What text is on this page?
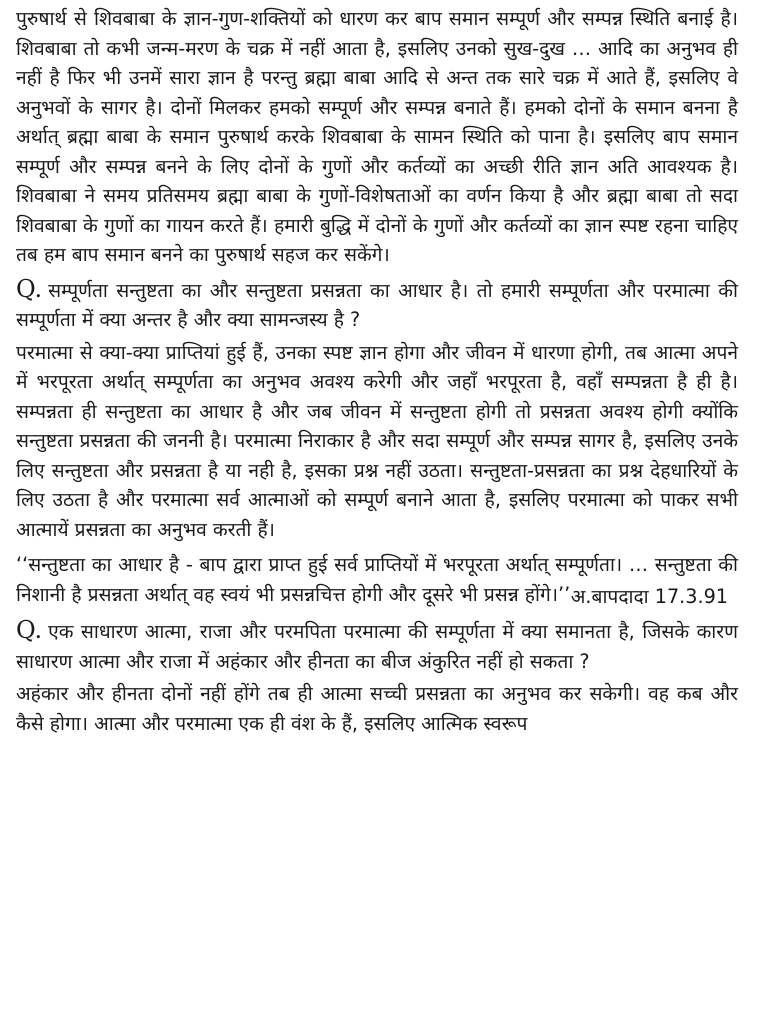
पुरुषार्थ से शिवबाबा के ज्ञान-गुण-शक्तियों को धारण कर बाप समान सम्पूर्ण और सम्पन्न स्थिति बनाई है। शिवबाबा तो कभी जन्म-मरण के चक्र में नहीं आता है, इसलिए उनको सुख-दुख … आदि का अनुभव ही नहीं है फिर भी उनमें सारा ज्ञान है परन्तु ब्रह्मा बाबा आदि से अन्त तक सारे चक्र में आते हैं, इसलिए वे अनुभवों के सागर है। दोनों मिलकर हमको सम्पूर्ण और सम्पन्न बनाते हैं। हमको दोनों के समान बनना है अर्थात् ब्रह्मा बाबा के समान पुरुषार्थ करके शिवबाबा के सामन स्थिति को पाना है। इसलिए बाप समान सम्पूर्ण और सम्पन्न बनने के लिए दोनों के गुणों और कर्तव्यों का अच्छी रीति ज्ञान अति आवश्यक है। शिवबाबा ने समय प्रतिसमय ब्रह्मा बाबा के गुणों-विशेषताओं का वर्णन किया है और ब्रह्मा बाबा तो सदा शिवबाबा के गुणों का गायन करते हैं। हमारी बुद्धि में दोनों के गुणों और कर्तव्यों का ज्ञान स्पष्ट रहना चाहिए तब हम बाप समान बनने का पुरुषार्थ सहज कर सकेंगे।

Q. सम्पूर्णता सन्तुष्टता का और सन्तुष्टता प्रसन्नता का आधार है। तो हमारी सम्पूर्णता और परमात्मा की सम्पूर्णता में क्या अन्तर है और क्या सामन्जस्य है ?

परमात्मा से क्या-क्या प्राप्तियां हुई हैं, उनका स्पष्ट ज्ञान होगा और जीवन में धारणा होगी, तब आत्मा अपने में भरपूरता अर्थात् सम्पूर्णता का अनुभव अवश्य करेगी और जहाँ भरपूरता है, वहाँ सम्पन्नता है ही है। सम्पन्नता ही सन्तुष्टता का आधार है और जब जीवन में सन्तुष्टता होगी तो प्रसन्नता अवश्य होगी क्योंकि सन्तुष्टता प्रसन्नता की जननी है। परमात्मा निराकार है और सदा सम्पूर्ण और सम्पन्न सागर है, इसलिए उनके लिए सन्तुष्टता और प्रसन्नता है या नही है, इसका प्रश्न नहीं उठता। सन्तुष्टता-प्रसन्नता का प्रश्न देहधारियों के लिए उठता है और परमात्मा सर्व आत्माओं को सम्पूर्ण बनाने आता है, इसलिए परमात्मा को पाकर सभी आत्मायें प्रसन्नता का अनुभव करती हैं।

‘‘सन्तुष्टता का आधार है - बाप द्वारा प्राप्त हुई सर्व प्राप्तियों में भरपूरता अर्थात् सम्पूर्णता। … सन्तुष्टता की निशानी है प्रसन्नता अर्थात् वह स्वयं भी प्रसन्नचित्त होगी और दूसरे भी प्रसन्न होंगे।’’ अ.बापदादा 17.3.91
Q. एक साधारण आत्मा, राजा और परमपिता परमात्मा की सम्पूर्णता में क्या समानता है, जिसके कारण साधारण आत्मा और राजा में अहंकार और हीनता का बीज अंकुरित नहीं हो सकता ?

अहंकार और हीनता दोनों नहीं होंगे तब ही आत्मा सच्ची प्रसन्नता का अनुभव कर सकेगी। वह कब और कैसे होगा। आत्मा और परमात्मा एक ही वंश के हैं, इसलिए आत्मिक स्वरूप
